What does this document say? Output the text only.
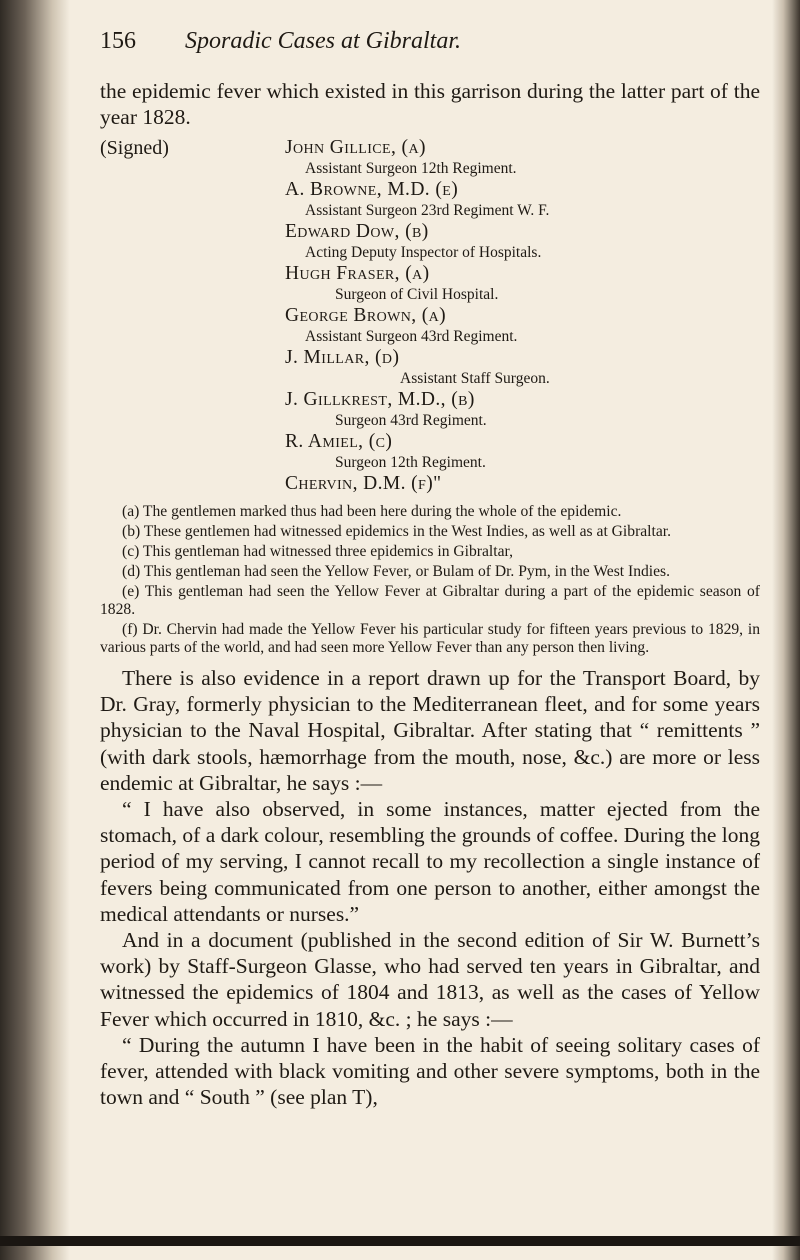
156 Sporadic Cases at Gibraltar.

the epidemic fever which existed in this garrison during the latter part of the year 1828.

(Signed)	John Gillice, (a)
Assistant Surgeon 12th Regiment.
A. Browne, M.D. (e)
Assistant Surgeon 23rd Regiment W. F.
Edward Dow, (b)
Acting Deputy Inspector of Hospitals.
Hugh Fraser, (a)
Surgeon of Civil Hospital.
George Brown, (a)
Assistant Surgeon 43rd Regiment.
J. Millar, (d)
Assistant Staff Surgeon.
J. Gillkrest, M.D., (b)
Surgeon 43rd Regiment.
R. Amiel, (c)
Surgeon 12th Regiment.
Chervin, D.M. (f)"

(a) The gentlemen marked thus had been here during the whole of the epidemic.

(b) These gentlemen had witnessed epidemics in the West Indies, as well as at Gibraltar.

(c) This gentleman had witnessed three epidemics in Gibraltar,

(d) This gentleman had seen the Yellow Fever, or Bulam of Dr. Pym, in the West Indies.

(e) This gentleman had seen the Yellow Fever at Gibraltar during a part of the epidemic season of 1828.

(f) Dr. Chervin had made the Yellow Fever his particular study for fifteen years previous to 1829, in various parts of the world, and had seen more Yellow Fever than any person then living.

There is also evidence in a report drawn up for the Transport Board, by Dr. Gray, formerly physician to the Mediterranean fleet, and for some years physician to the Naval Hospital, Gibraltar. After stating that “ remittents ” (with dark stools, hæmorrhage from the mouth, nose, &c.) are more or less endemic at Gibraltar, he says :—

“ I have also observed, in some instances, matter ejected from the stomach, of a dark colour, resembling the grounds of coffee. During the long period of my serving, I cannot recall to my recollection a single instance of fevers being communicated from one person to another, either amongst the medical attendants or nurses.”

And in a document (published in the second edition of Sir W. Burnett’s work) by Staff-Surgeon Glasse, who had served ten years in Gibraltar, and witnessed the epidemics of 1804 and 1813, as well as the cases of Yellow Fever which occurred in 1810, &c. ; he says :—

“ During the autumn I have been in the habit of seeing solitary cases of fever, attended with black vomiting and other severe symptoms, both in the town and “ South ” (see plan T),
